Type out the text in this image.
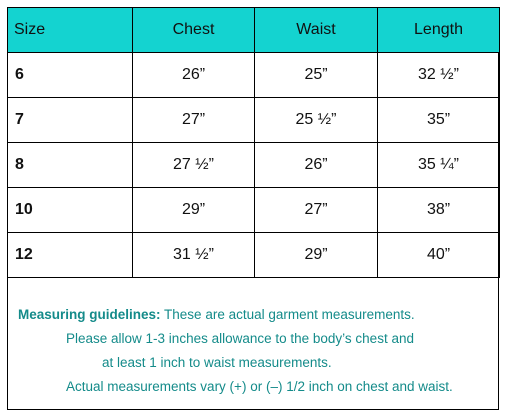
Size	Chest	Waist	Length
6	26”	25”	32 ½”
7	27”	25 ½”	35”
8	27 ½”	26”	35 ¼”
10	29”	27”	38”
12	31 ½”	29”	40”
Measuring guidelines: These are actual garment measurements.
Please allow 1-3 inches allowance to the body’s chest and
at least 1 inch to waist measurements.
Actual measurements vary (+) or (–) 1/2 inch on chest and waist.
